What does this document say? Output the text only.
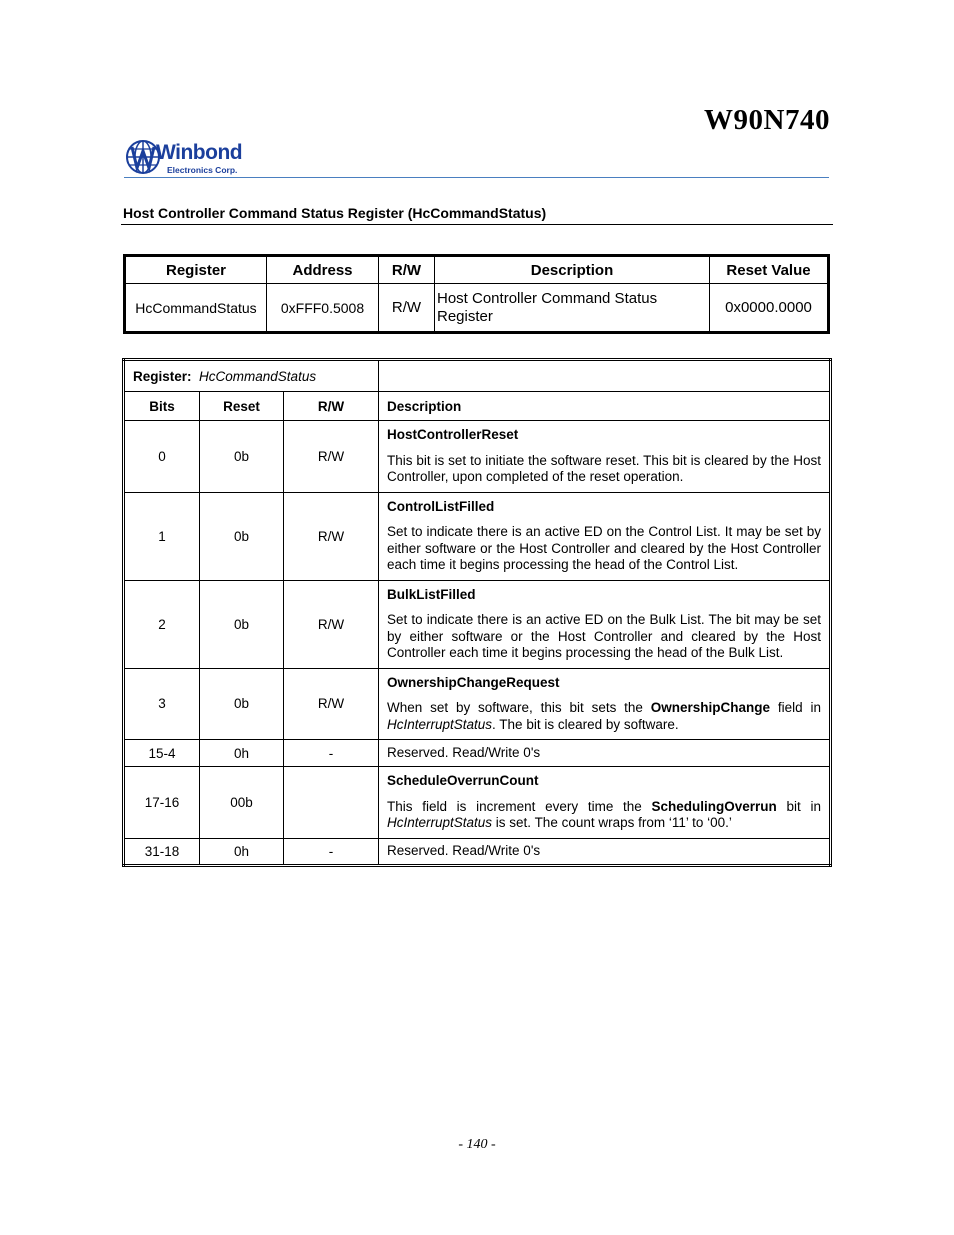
W90N740
Winbond
Electronics Corp.
Host Controller Command Status Register (HcCommandStatus)
Register	Address	R/W	Description	Reset Value
HcCommandStatus	0xFFF0.5008	R/W	Host Controller Command Status Register	0x0000.0000
Register: HcCommandStatus			
Bits	Reset	R/W	Description
0	0b	R/W	HostControllerReset
This bit is set to initiate the software reset. This bit is cleared by the Host Controller, upon completed of the reset operation.

1	0b	R/W	ControlListFilled
Set to indicate there is an active ED on the Control List. It may be set by either software or the Host Controller and cleared by the Host Controller each time it begins processing the head of the Control List.

2	0b	R/W	BulkListFilled
Set to indicate there is an active ED on the Bulk List. The bit may be set by either software or the Host Controller and cleared by the Host Controller each time it begins processing the head of the Bulk List.

3	0b	R/W	OwnershipChangeRequest
When set by software, this bit sets the OwnershipChange field in HcInterruptStatus. The bit is cleared by software.

15-4	0h	-	Reserved. Read/Write 0's
17-16	00b		ScheduleOverrunCount
This field is increment every time the SchedulingOverrun bit in HcInterruptStatus is set. The count wraps from ‘11’ to ‘00.’

31-18	0h	-	Reserved. Read/Write 0's
- 140 -
